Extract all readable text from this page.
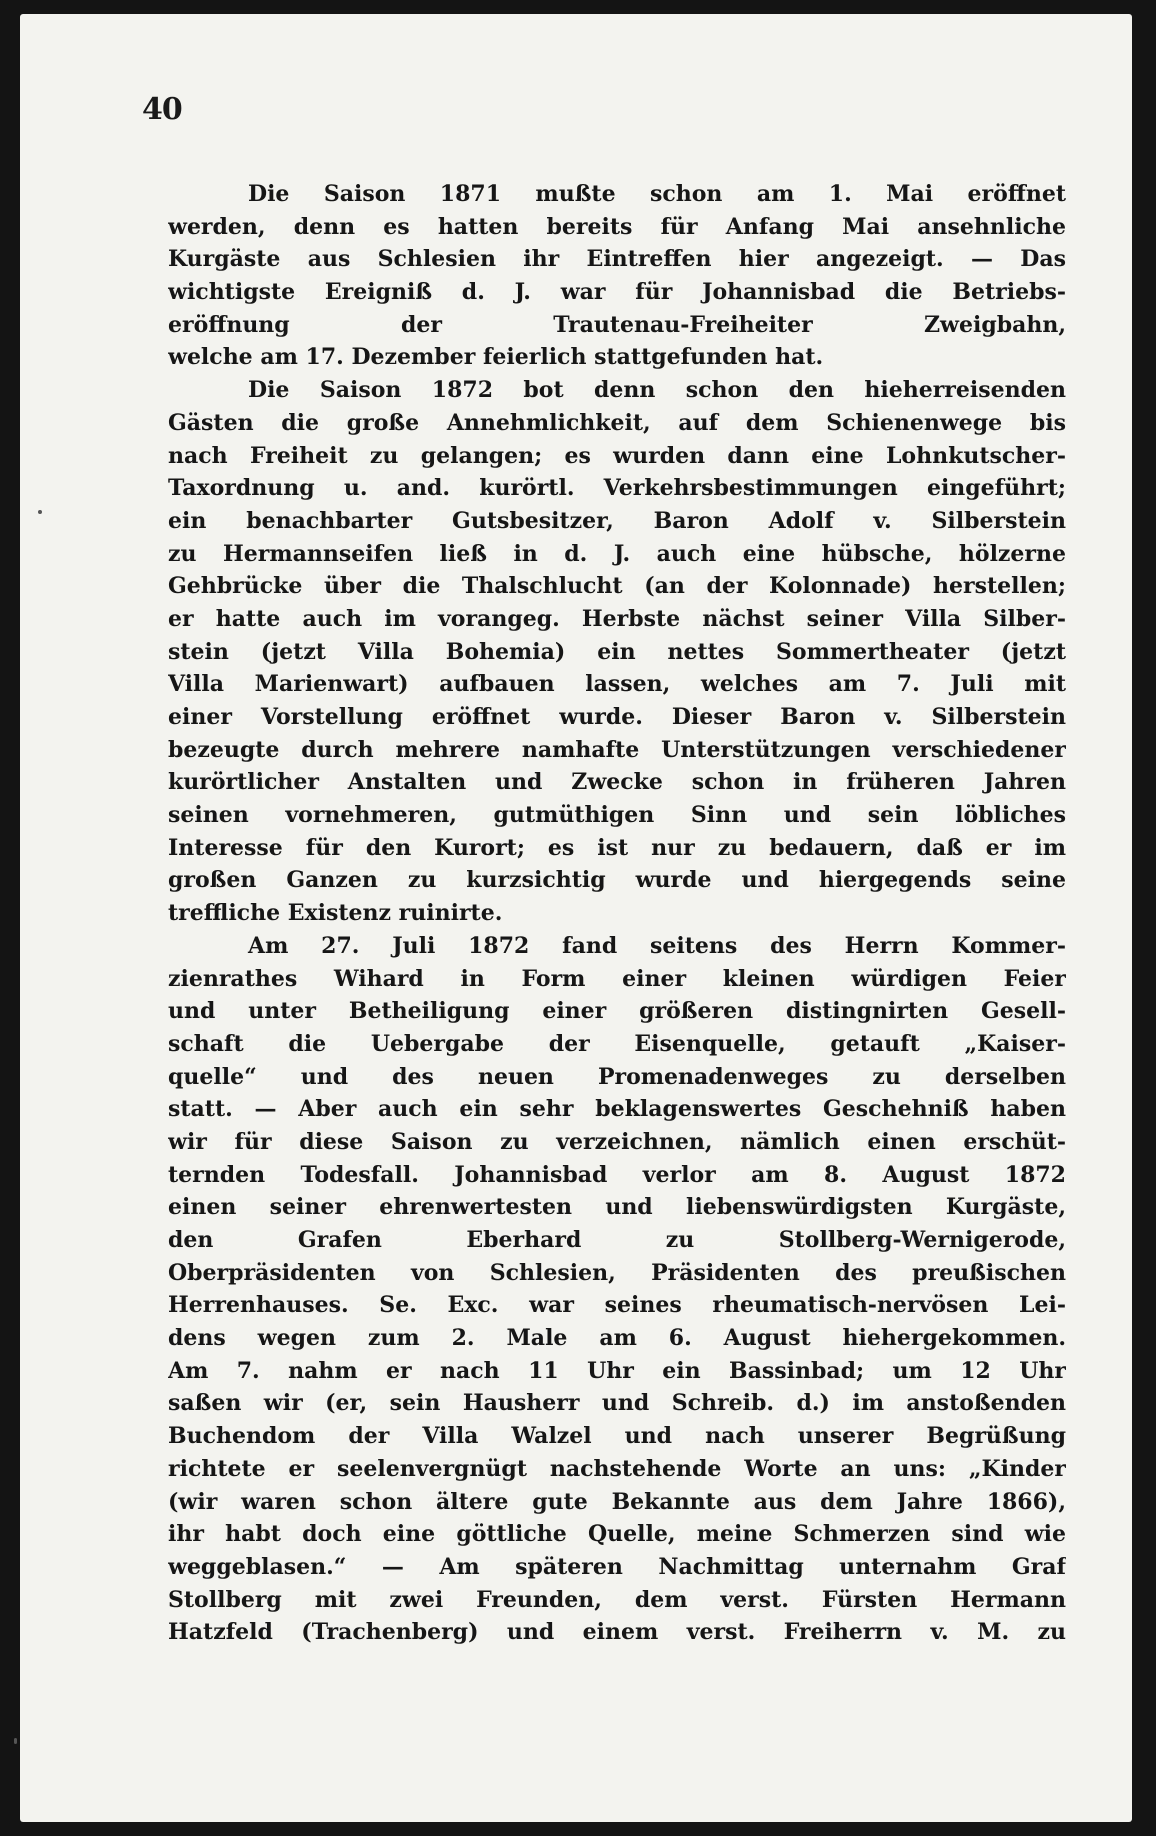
40
Die Saison 1871 mußte schon am 1. Mai eröffnet
werden, denn es hatten bereits für Anfang Mai ansehnliche
Kurgäste aus Schlesien ihr Eintreffen hier angezeigt. — Das
wichtigste Ereigniß d. J. war für Johannisbad die Betriebs-
eröffnung der Trautenau-Freiheiter Zweigbahn,
welche am 17. Dezember feierlich stattgefunden hat.
Die Saison 1872 bot denn schon den hieherreisenden
Gästen die große Annehmlichkeit, auf dem Schienenwege bis
nach Freiheit zu gelangen; es wurden dann eine Lohnkutscher-
Taxordnung u. and. kurörtl. Verkehrsbestimmungen eingeführt;
ein benachbarter Gutsbesitzer, Baron Adolf v. Silberstein
zu Hermannseifen ließ in d. J. auch eine hübsche, hölzerne
Gehbrücke über die Thalschlucht (an der Kolonnade) herstellen;
er hatte auch im vorangeg. Herbste nächst seiner Villa Silber-
stein (jetzt Villa Bohemia) ein nettes Sommertheater (jetzt
Villa Marienwart) aufbauen lassen, welches am 7. Juli mit
einer Vorstellung eröffnet wurde. Dieser Baron v. Silberstein
bezeugte durch mehrere namhafte Unterstützungen verschiedener
kurörtlicher Anstalten und Zwecke schon in früheren Jahren
seinen vornehmeren, gutmüthigen Sinn und sein löbliches
Interesse für den Kurort; es ist nur zu bedauern, daß er im
großen Ganzen zu kurzsichtig wurde und hiergegends seine
treffliche Existenz ruinirte.
Am 27. Juli 1872 fand seitens des Herrn Kommer-
zienrathes Wihard in Form einer kleinen würdigen Feier
und unter Betheiligung einer größeren distingnirten Gesell-
schaft die Uebergabe der Eisenquelle, getauft „Kaiser-
quelle“ und des neuen Promenadenweges zu derselben
statt. — Aber auch ein sehr beklagenswertes Geschehniß haben
wir für diese Saison zu verzeichnen, nämlich einen erschüt-
ternden Todesfall. Johannisbad verlor am 8. August 1872
einen seiner ehrenwertesten und liebenswürdigsten Kurgäste,
den Grafen Eberhard zu Stollberg-Wernigerode,
Oberpräsidenten von Schlesien, Präsidenten des preußischen
Herrenhauses. Se. Exc. war seines rheumatisch-nervösen Lei-
dens wegen zum 2. Male am 6. August hiehergekommen.
Am 7. nahm er nach 11 Uhr ein Bassinbad; um 12 Uhr
saßen wir (er, sein Hausherr und Schreib. d.) im anstoßenden
Buchendom der Villa Walzel und nach unserer Begrüßung
richtete er seelenvergnügt nachstehende Worte an uns: „Kinder
(wir waren schon ältere gute Bekannte aus dem Jahre 1866),
ihr habt doch eine göttliche Quelle, meine Schmerzen sind wie
weggeblasen.“ — Am späteren Nachmittag unternahm Graf
Stollberg mit zwei Freunden, dem verst. Fürsten Hermann
Hatzfeld (Trachenberg) und einem verst. Freiherrn v. M. zu
